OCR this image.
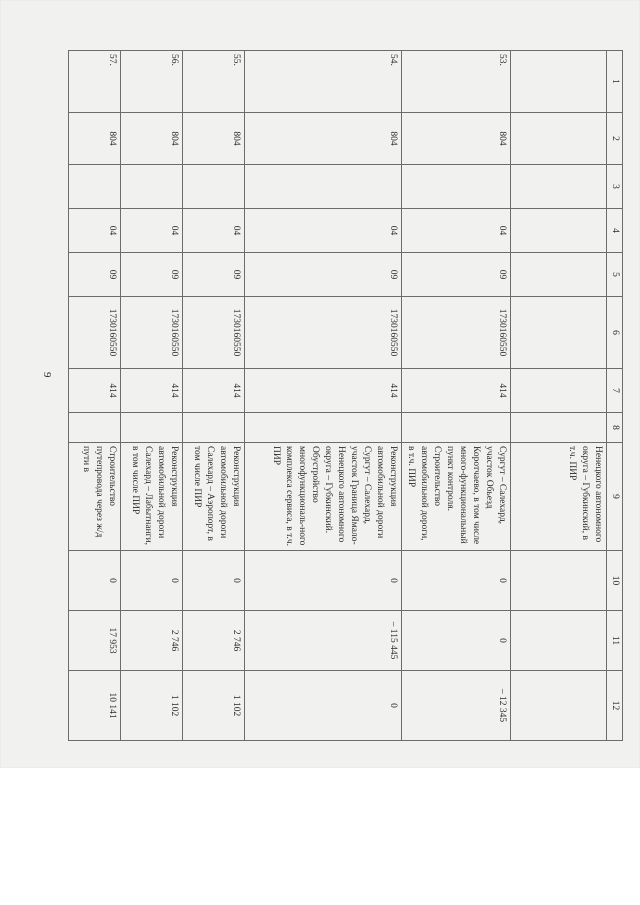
9
1	2	3	4	5	6	7	8	9	10	11	12
								Ненецкого автономного округа – Губкинский, в т.ч. ПИР			
53.	804		04	09	1730160550	414		Сургут – Салехард, участок Обьезд Коротчаево, в том числе много-функциональный пункт контроля. Строительство автомобильной дороги, в т.ч. ПИР	0	0	– 12 345
54.	804		04	09	1730160550	414		Реконструкция автомобильной дороги Сургут – Салехард, участок Граница Ямало-Ненецкого автономного округа – Губкинский. Обустройство многофункциональ-ного комплекса сервиса, в т.ч. ПИР	0	– 115 445	0
55.	804		04	09	1730160550	414		Реконструкция автомобильной дороги Салехард – Аэропорт, в том числе ПИР	0	2 746	1 102
56.	804		04	09	1730160550	414		Реконструкция автомобильной дороги Салехард – Лабытнанги, в том числе ПИР	0	2 746	1 102
57.	804		04	09	1730160550	414		Строительство путепровода через ж/д пути в	0	17 953	10 141
